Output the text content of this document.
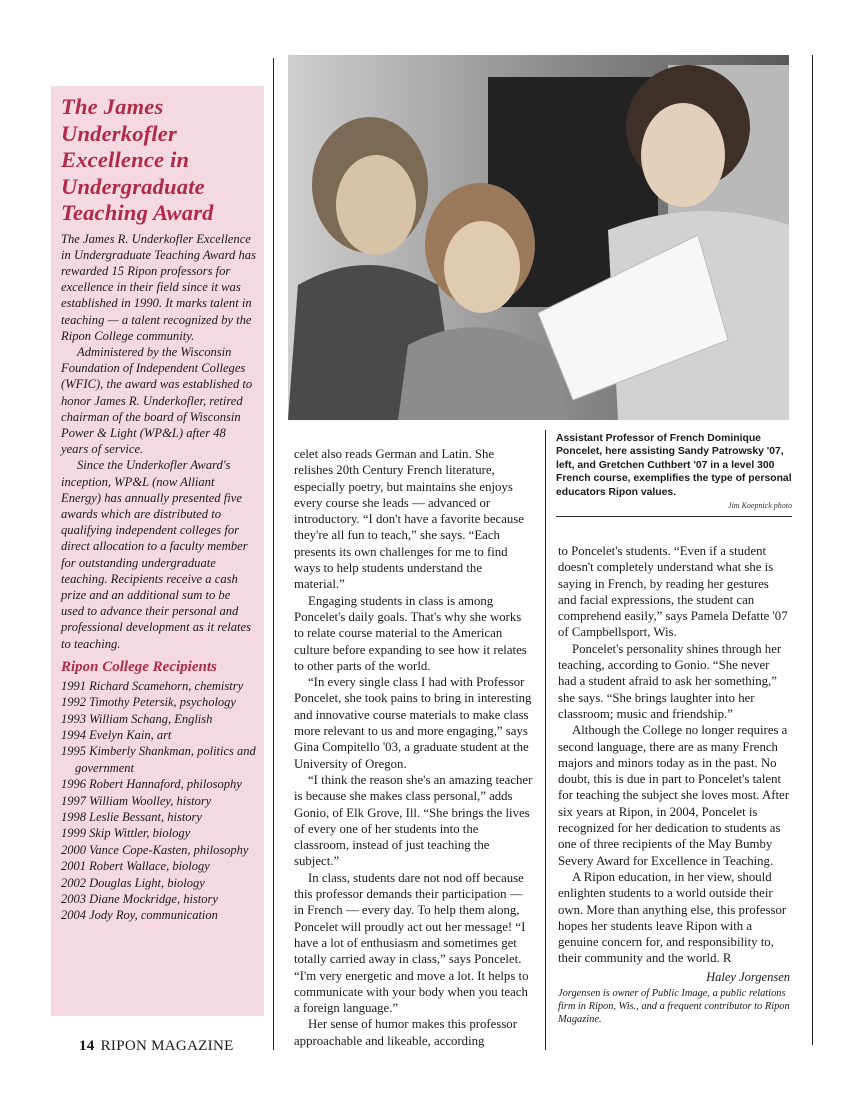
The James Underkofler Excellence in Undergraduate Teaching Award

The James R. Underkofler Excellence in Undergraduate Teaching Award has rewarded 15 Ripon professors for excellence in their field since it was established in 1990. It marks talent in teaching — a talent recognized by the Ripon College community.

Administered by the Wisconsin Foundation of Independent Colleges (WFIC), the award was established to honor James R. Underkofler, retired chairman of the board of Wisconsin Power & Light (WP&L) after 48 years of service.

Since the Underkofler Award's inception, WP&L (now Alliant Energy) has annually presented five awards which are distributed to qualifying independent colleges for direct allocation to a faculty member for outstanding undergraduate teaching. Recipients receive a cash prize and an additional sum to be used to advance their personal and professional development as it relates to teaching.

Ripon College Recipients
1991 Richard Scamehorn, chemistry
1992 Timothy Petersik, psychology
1993 William Schang, English
1994 Evelyn Kain, art
1995 Kimberly Shankman, politics and government
1996 Robert Hannaford, philosophy
1997 William Woolley, history
1998 Leslie Bessant, history
1999 Skip Wittler, biology
2000 Vance Cope-Kasten, philosophy
2001 Robert Wallace, biology
2002 Douglas Light, biology
2003 Diane Mockridge, history
2004 Jody Roy, communication
Assistant Professor of French Dominique Poncelet, here assisting Sandy Patrowsky '07, left, and Gretchen Cuthbert '07 in a level 300 French course, exemplifies the type of personal educators Ripon values.
Jim Koepnick photo

celet also reads German and Latin. She relishes 20th Century French literature, especially poetry, but maintains she enjoys every course she leads — advanced or introductory. “I don't have a favorite because they're all fun to teach,” she says. “Each presents its own challenges for me to find ways to help students understand the material.”

Engaging students in class is among Poncelet's daily goals. That's why she works to relate course material to the American culture before expanding to see how it relates to other parts of the world.

“In every single class I had with Professor Poncelet, she took pains to bring in interesting and innovative course materials to make class more relevant to us and more engaging,” says Gina Compitello '03, a graduate student at the University of Oregon.

“I think the reason she's an amazing teacher is because she makes class personal,” adds Gonio, of Elk Grove, Ill. “She brings the lives of every one of her students into the classroom, instead of just teaching the subject.”

In class, students dare not nod off because this professor demands their participation — in French — every day. To help them along, Poncelet will proudly act out her message! “I have a lot of enthusiasm and sometimes get totally carried away in class,” says Poncelet. “I'm very energetic and move a lot. It helps to communicate with your body when you teach a foreign language.”

Her sense of humor makes this professor approachable and likeable, according

to Poncelet's students. “Even if a student doesn't completely understand what she is saying in French, by reading her gestures and facial expressions, the student can comprehend easily,” says Pamela Defatte '07 of Campbellsport, Wis.

Poncelet's personality shines through her teaching, according to Gonio. “She never had a student afraid to ask her something,” she says. “She brings laughter into her classroom; music and friendship.”

Although the College no longer requires a second language, there are as many French majors and minors today as in the past. No doubt, this is due in part to Poncelet's talent for teaching the subject she loves most. After six years at Ripon, in 2004, Poncelet is recognized for her dedication to students as one of three recipients of the May Bumby Severy Award for Excellence in Teaching.

A Ripon education, in her view, should enlighten students to a world outside their own. More than anything else, this professor hopes her students leave Ripon with a genuine concern for, and responsibility to, their community and the world. R

Haley Jorgensen
Jorgensen is owner of Public Image, a public relations firm in Ripon, Wis., and a frequent contributor to Ripon Magazine.
14 RIPON MAGAZINE
